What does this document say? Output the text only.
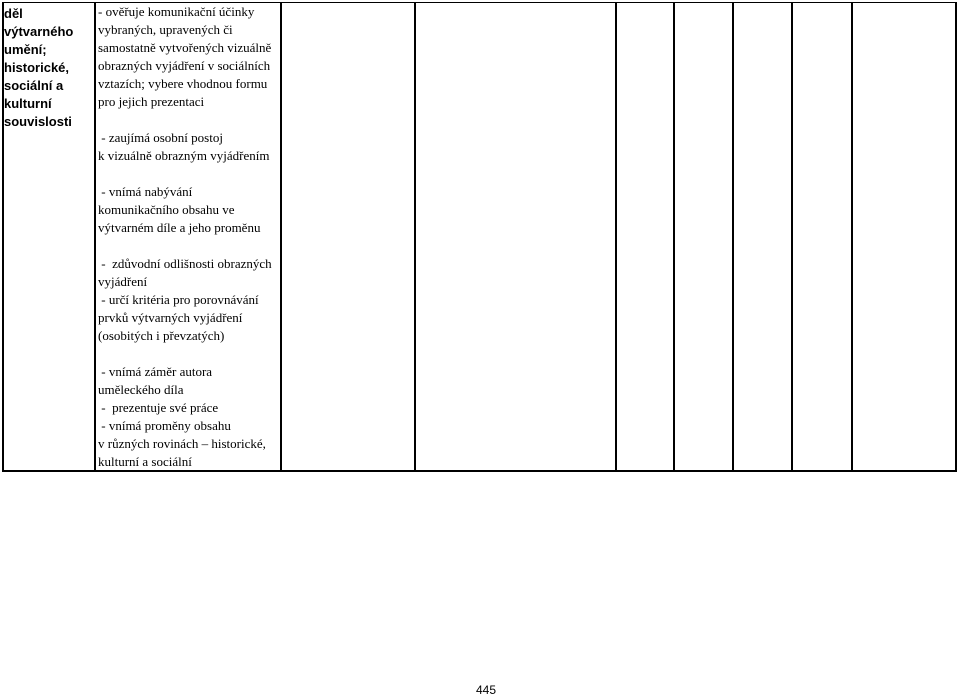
děl výtvarného
umění;
historické,
sociální a
kulturní
souvislosti

- ověřuje komunikační účinky

vybraných, upravených či

samostatně vytvořených vizuálně

obrazných vyjádření v sociálních

vztazích; vybere vhodnou formu

pro jejich prezentaci

- zaujímá osobní postoj

k vizuálně obrazným vyjádřením

- vnímá nabývání

komunikačního obsahu ve

výtvarném díle a jeho proměnu

-  zdůvodní odlišnosti obrazných

vyjádření

- určí kritéria pro porovnávání

prvků výtvarných vyjádření

(osobitých i převzatých)

- vnímá záměr autora

uměleckého díla

-  prezentuje své práce

- vnímá proměny obsahu

v různých rovinách – historické,

kulturní a sociální

445
